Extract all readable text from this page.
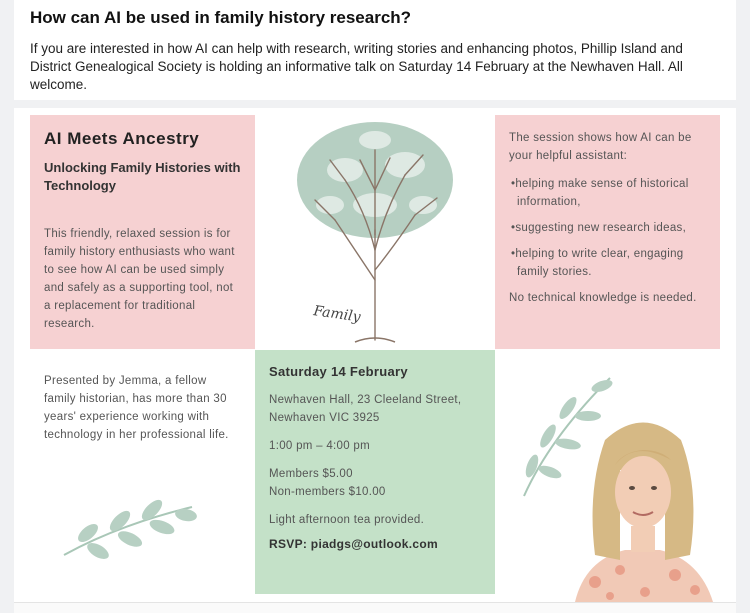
How can AI be used in family history research?

If you are interested in how AI can help with research, writing stories and enhancing photos, Phillip Island and District Genealogical Society is holding an informative talk on Saturday 14 February at the Newhaven Hall. All welcome.

AI Meets Ancestry
Unlocking Family Histories with Technology

This friendly, relaxed session is for family history enthusiasts who want to see how AI can be used simply and safely as a supporting tool, not a replacement for traditional research.	Family

The session shows how AI can be your helpful assistant:

•helping make sense of historical information,

•suggesting new research ideas,

•helping to write clear, engaging family stories.

No technical knowledge is needed.

Presented by Jemma, a fellow family historian, has more than 30 years' experience working with technology in her professional life.

Saturday 14 February

Newhaven Hall, 23 Cleeland Street,

Newhaven VIC 3925

1:00 pm – 4:00 pm

Members $5.00

Non-members $10.00

Light afternoon tea provided.

RSVP: piadgs@outlook.com
